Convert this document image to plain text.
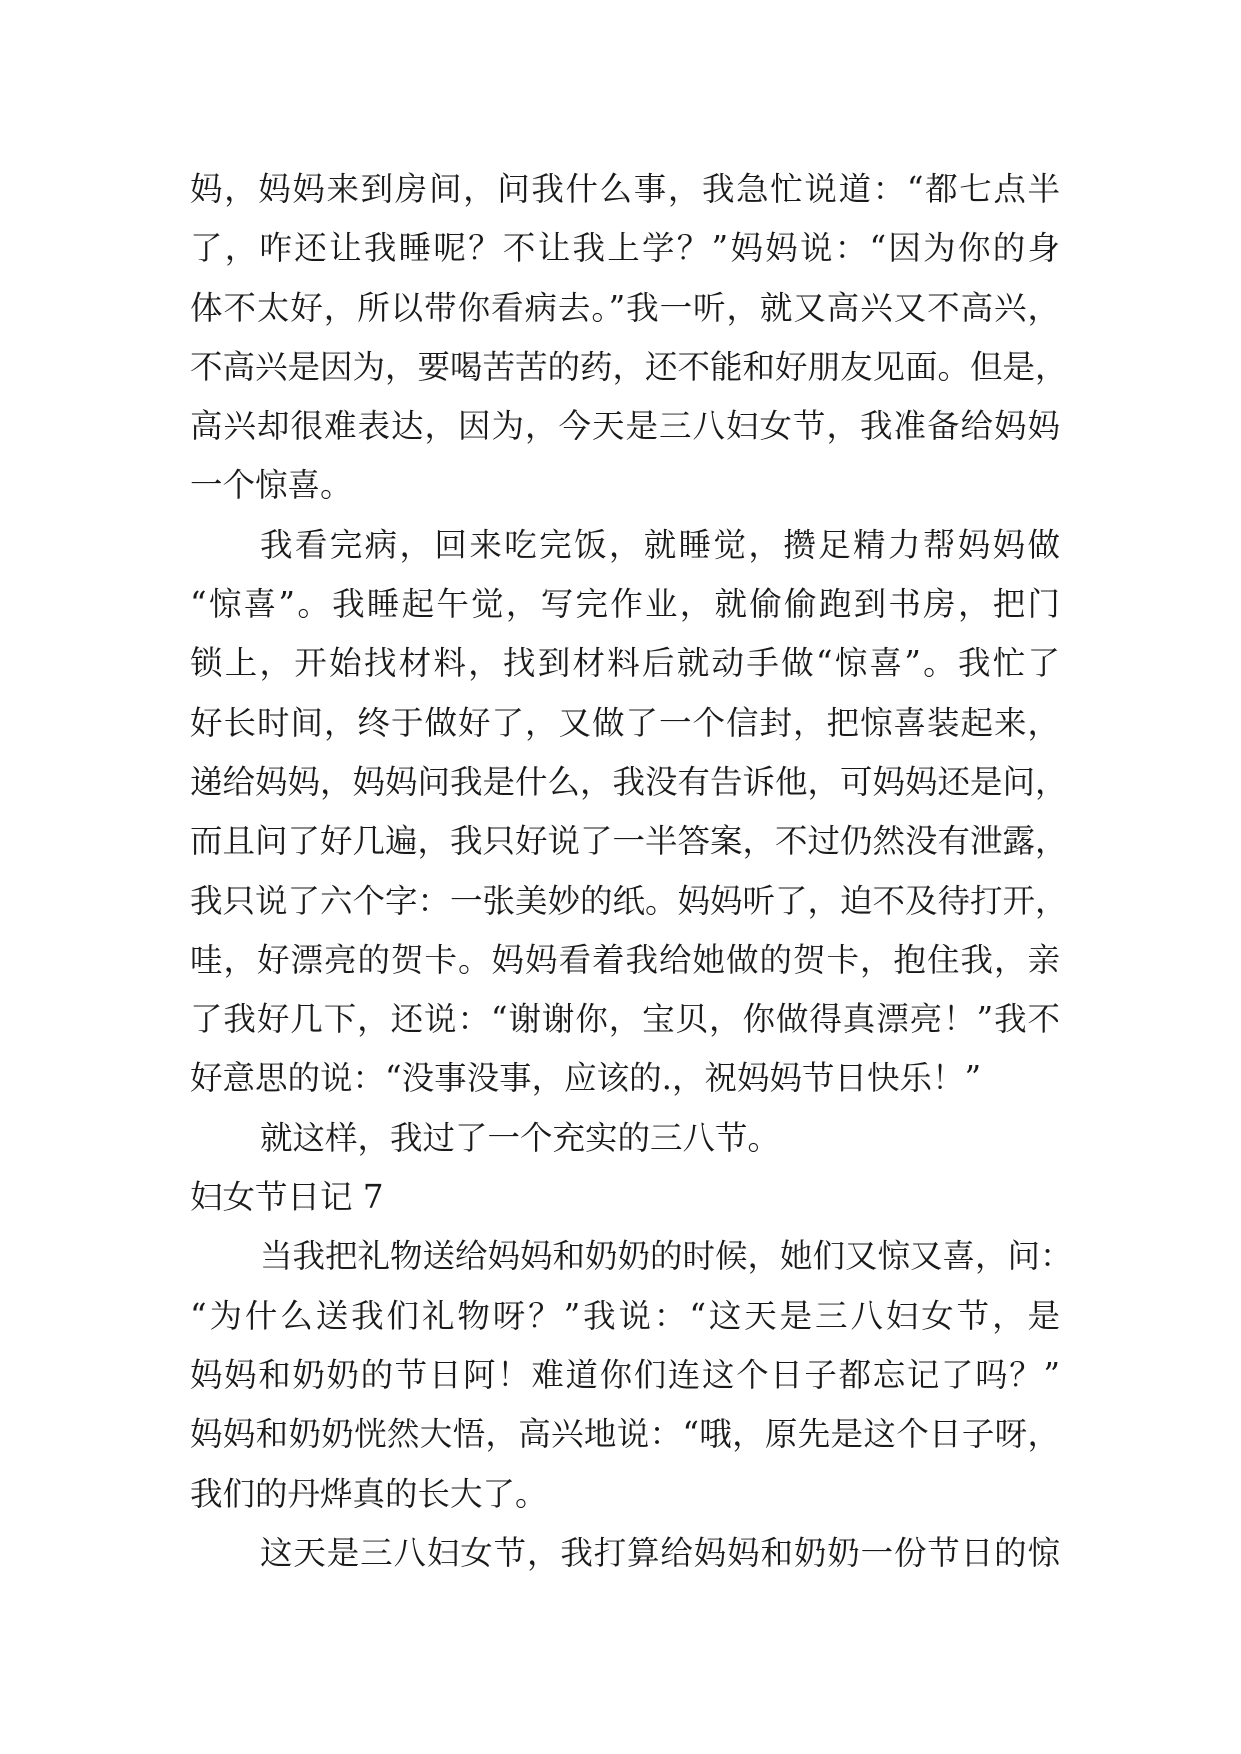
妈，妈妈来到房间，问我什么事，我急忙说道：“都七点半
了，咋还让我睡呢？不让我上学？”妈妈说：“因为你的身
体不太好，所以带你看病去。”我一听，就又高兴又不高兴，
不高兴是因为，要喝苦苦的药，还不能和好朋友见面。但是，
高兴却很难表达，因为，今天是三八妇女节，我准备给妈妈
一个惊喜。
我看完病，回来吃完饭，就睡觉，攒足精力帮妈妈做
“惊喜”。我睡起午觉，写完作业，就偷偷跑到书房，把门
锁上，开始找材料，找到材料后就动手做“惊喜”。我忙了
好长时间，终于做好了，又做了一个信封，把惊喜装起来，
递给妈妈，妈妈问我是什么，我没有告诉他，可妈妈还是问，
而且问了好几遍，我只好说了一半答案，不过仍然没有泄露，
我只说了六个字：一张美妙的纸。妈妈听了，迫不及待打开，
哇，好漂亮的贺卡。妈妈看着我给她做的贺卡，抱住我，亲
了我好几下，还说：“谢谢你，宝贝，你做得真漂亮！”我不
好意思的说：“没事没事，应该的.，祝妈妈节日快乐！”
就这样，我过了一个充实的三八节。
妇女节日记 7
当我把礼物送给妈妈和奶奶的时候，她们又惊又喜，问：
“为什么送我们礼物呀？”我说：“这天是三八妇女节，是
妈妈和奶奶的节日阿！难道你们连这个日子都忘记了吗？”
妈妈和奶奶恍然大悟，高兴地说：“哦，原先是这个日子呀，
我们的丹烨真的长大了。
这天是三八妇女节，我打算给妈妈和奶奶一份节日的惊
